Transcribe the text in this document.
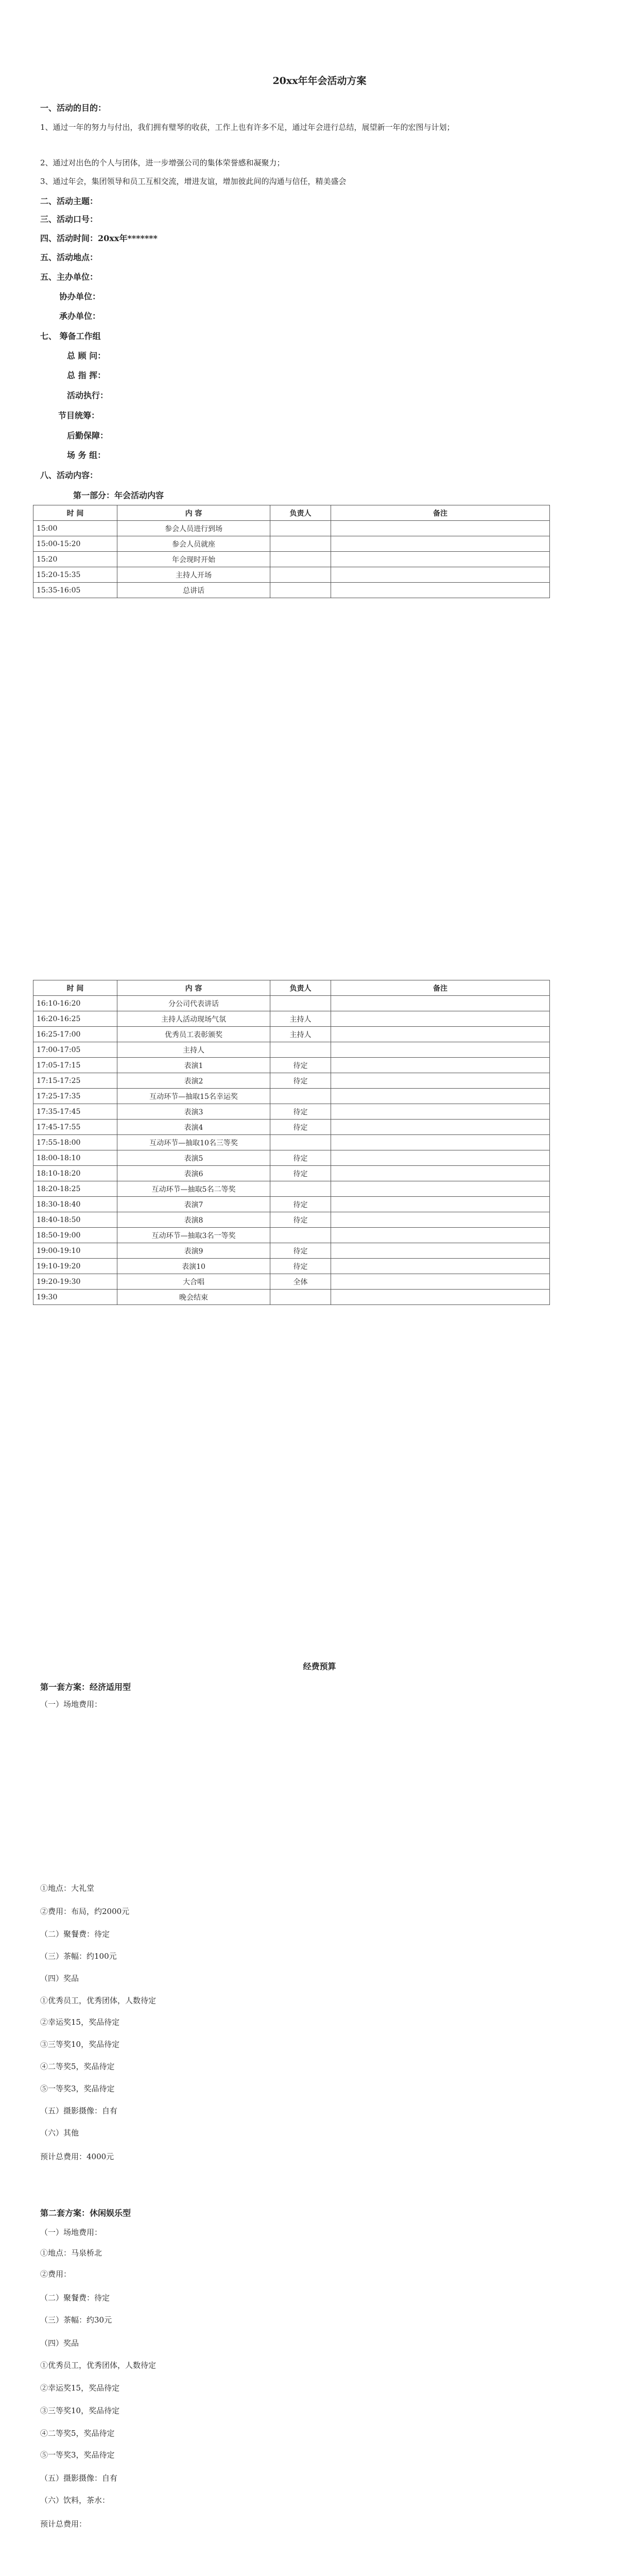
20xx年年会活动方案
一、活动的目的：
1、通过一年的努力与付出，我们拥有璧琴的收获，工作上也有许多不足，通过年会进行总结，展望新一年的宏图与计划；
2、通过对出色的个人与团体，进一步增强公司的集体荣誉感和凝聚力；
3、通过年会，集团领导和员工互相交流，增进友谊，增加彼此间的沟通与信任，精美盛会
二、活动主题：
三、活动口号：
四、活动时间：20xx年*******
五、活动地点：
五、主办单位：
协办单位：
承办单位：
七、 筹备工作组
总 顾 问：
总 指 挥：
活动执行：
节目统筹：
后勤保障：
场 务 组：
八、活动内容：
第一部分：年会活动内容
时 间	内 容	负责人	备注
15:00	参会人员进行到场		
15:00-15:20	参会人员就座		
15:20	年会现时开始		
15:20-15:35	主持人开场		
15:35-16:05	总讲话		
时 间	内 容	负责人	备注
16:10-16:20	分公司代表讲话		
16:20-16:25	主持人活动现场气氛	主持人	
16:25-17:00	优秀员工表彰颁奖	主持人	
17:00-17:05	主持人		
17:05-17:15	表演1	待定	
17:15-17:25	表演2	待定	
17:25-17:35	互动环节—抽取15名幸运奖		
17:35-17:45	表演3	待定	
17:45-17:55	表演4	待定	
17:55-18:00	互动环节—抽取10名三等奖		
18:00-18:10	表演5	待定	
18:10-18:20	表演6	待定	
18:20-18:25	互动环节—抽取5名二等奖		
18:30-18:40	表演7	待定	
18:40-18:50	表演8	待定	
18:50-19:00	互动环节—抽取3名一等奖		
19:00-19:10	表演9	待定	
19:10-19:20	表演10	待定	
19:20-19:30	大合唱	全体	
19:30	晚会结束		
经费预算
第一套方案：经济适用型
（一）场地费用：
①地点：大礼堂
②费用：布局，约2000元
（二）聚餐费：待定
（三）茶幅：约100元
（四）奖品
①优秀员工，优秀团体，人数待定
②幸运奖15，奖品待定
③三等奖10，奖品待定
④二等奖5，奖品待定
⑤一等奖3，奖品待定
（五）摄影摄像：自有
（六）其他
预计总费用：4000元
第二套方案：休闲娱乐型
（一）场地费用：
①地点：马泉桥北
②费用：
（二）聚餐费：待定
（三）茶幅：约30元
（四）奖品
①优秀员工，优秀团体，人数待定
②幸运奖15，奖品待定
③三等奖10，奖品待定
④二等奖5，奖品待定
⑤一等奖3，奖品待定
（五）摄影摄像：自有
（六）饮料，茶水：
预计总费用：
